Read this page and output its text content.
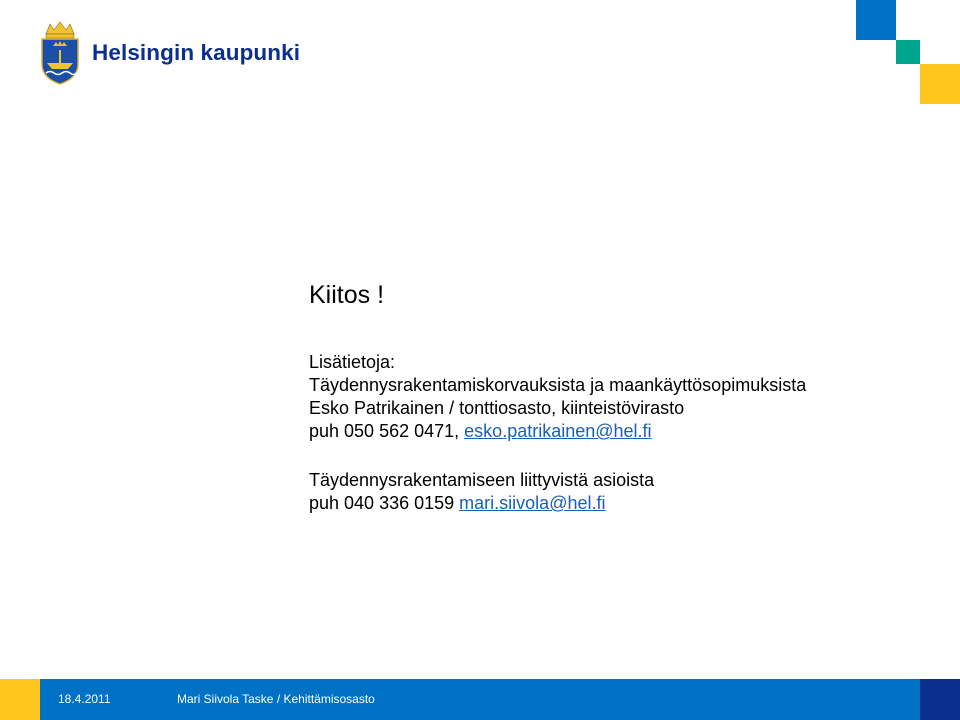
Helsingin kaupunki
Kiitos !
Lisätietoja:
Täydennysrakentamiskorvauksista ja maankäyttösopimuksista
Esko Patrikainen / tonttiosasto, kiinteistövirasto
puh 050 562 0471, esko.patrikainen@hel.fi
Täydennysrakentamiseen liittyvistä asioista
puh 040 336 0159 mari.siivola@hel.fi
18.4.2011	Mari Siivola Taske / Kehittämisosasto
